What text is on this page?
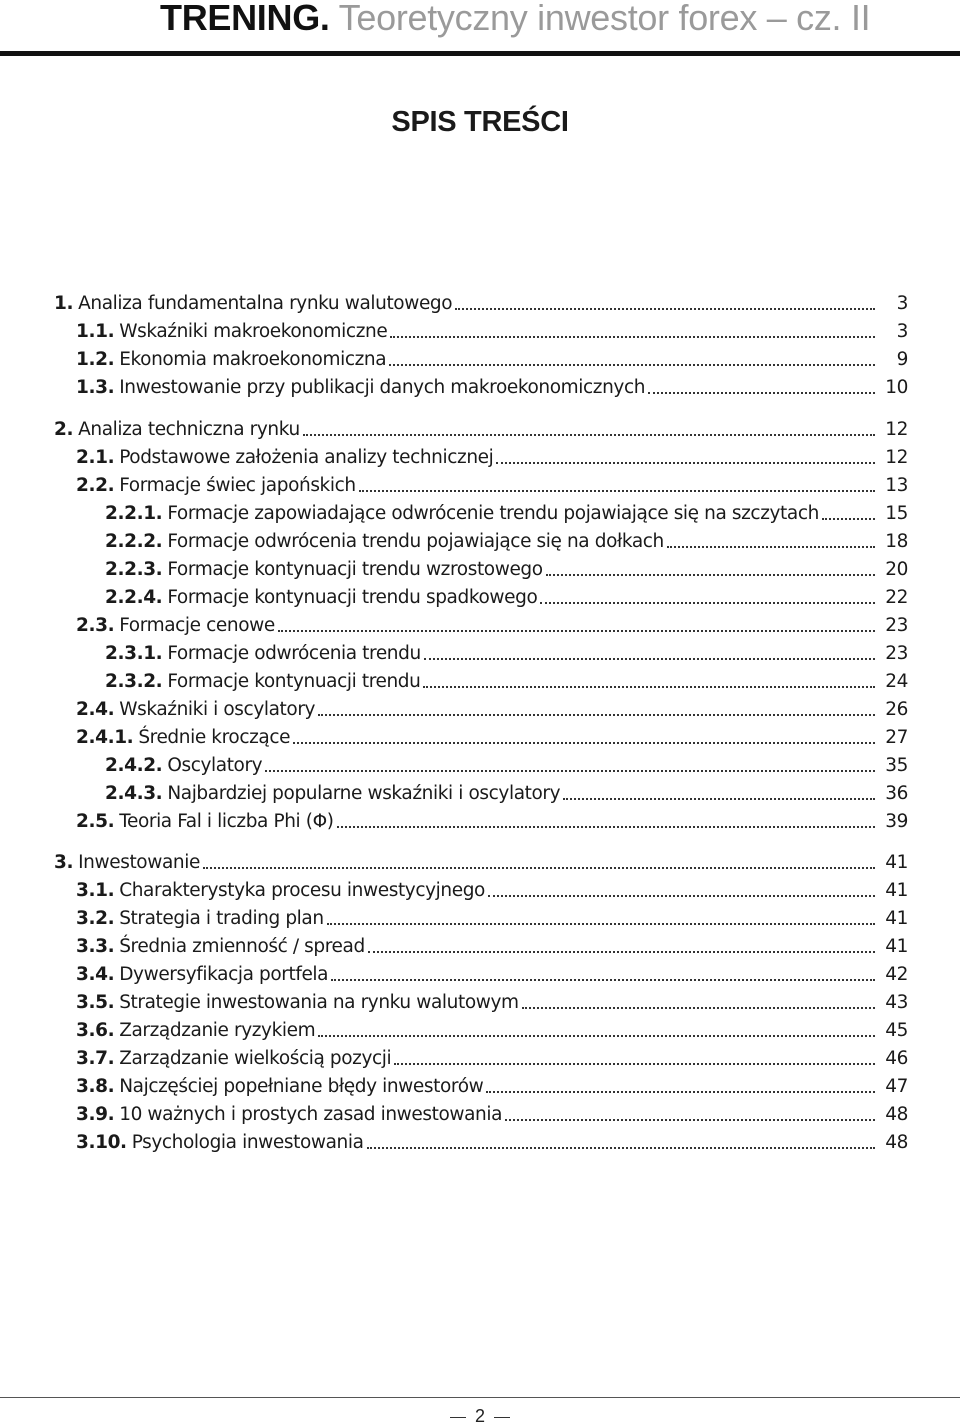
TRENING. Teoretyczny inwestor forex – cz. II
SPIS TREŚCI
1. Analiza fundamentalna rynku walutowego	3
1.1. Wskaźniki makroekonomiczne	3
1.2. Ekonomia makroekonomiczna	9
1.3. Inwestowanie przy publikacji danych makroekonomicznych	10
2. Analiza techniczna rynku	12
2.1. Podstawowe założenia analizy technicznej	12
2.2. Formacje świec japońskich	13
2.2.1. Formacje zapowiadające odwrócenie trendu pojawiające się na szczytach	15
2.2.2. Formacje odwrócenia trendu pojawiające się na dołkach	18
2.2.3. Formacje kontynuacji trendu wzrostowego	20
2.2.4. Formacje kontynuacji trendu spadkowego	22
2.3. Formacje cenowe	23
2.3.1. Formacje odwrócenia trendu	23
2.3.2. Formacje kontynuacji trendu	24
2.4. Wskaźniki i oscylatory	26
2.4.1. Średnie kroczące	27
2.4.2. Oscylatory	35
2.4.3. Najbardziej popularne wskaźniki i oscylatory	36
2.5. Teoria Fal i liczba Phi (Φ)	39
3. Inwestowanie	41
3.1. Charakterystyka procesu inwestycyjnego	41
3.2. Strategia i trading plan	41
3.3. Średnia zmienność / spread	41
3.4. Dywersyfikacja portfela	42
3.5. Strategie inwestowania na rynku walutowym	43
3.6. Zarządzanie ryzykiem	45
3.7. Zarządzanie wielkością pozycji	46
3.8. Najczęściej popełniane błędy inwestorów	47
3.9. 10 ważnych i prostych zasad inwestowania	48
3.10. Psychologia inwestowania	48
2
